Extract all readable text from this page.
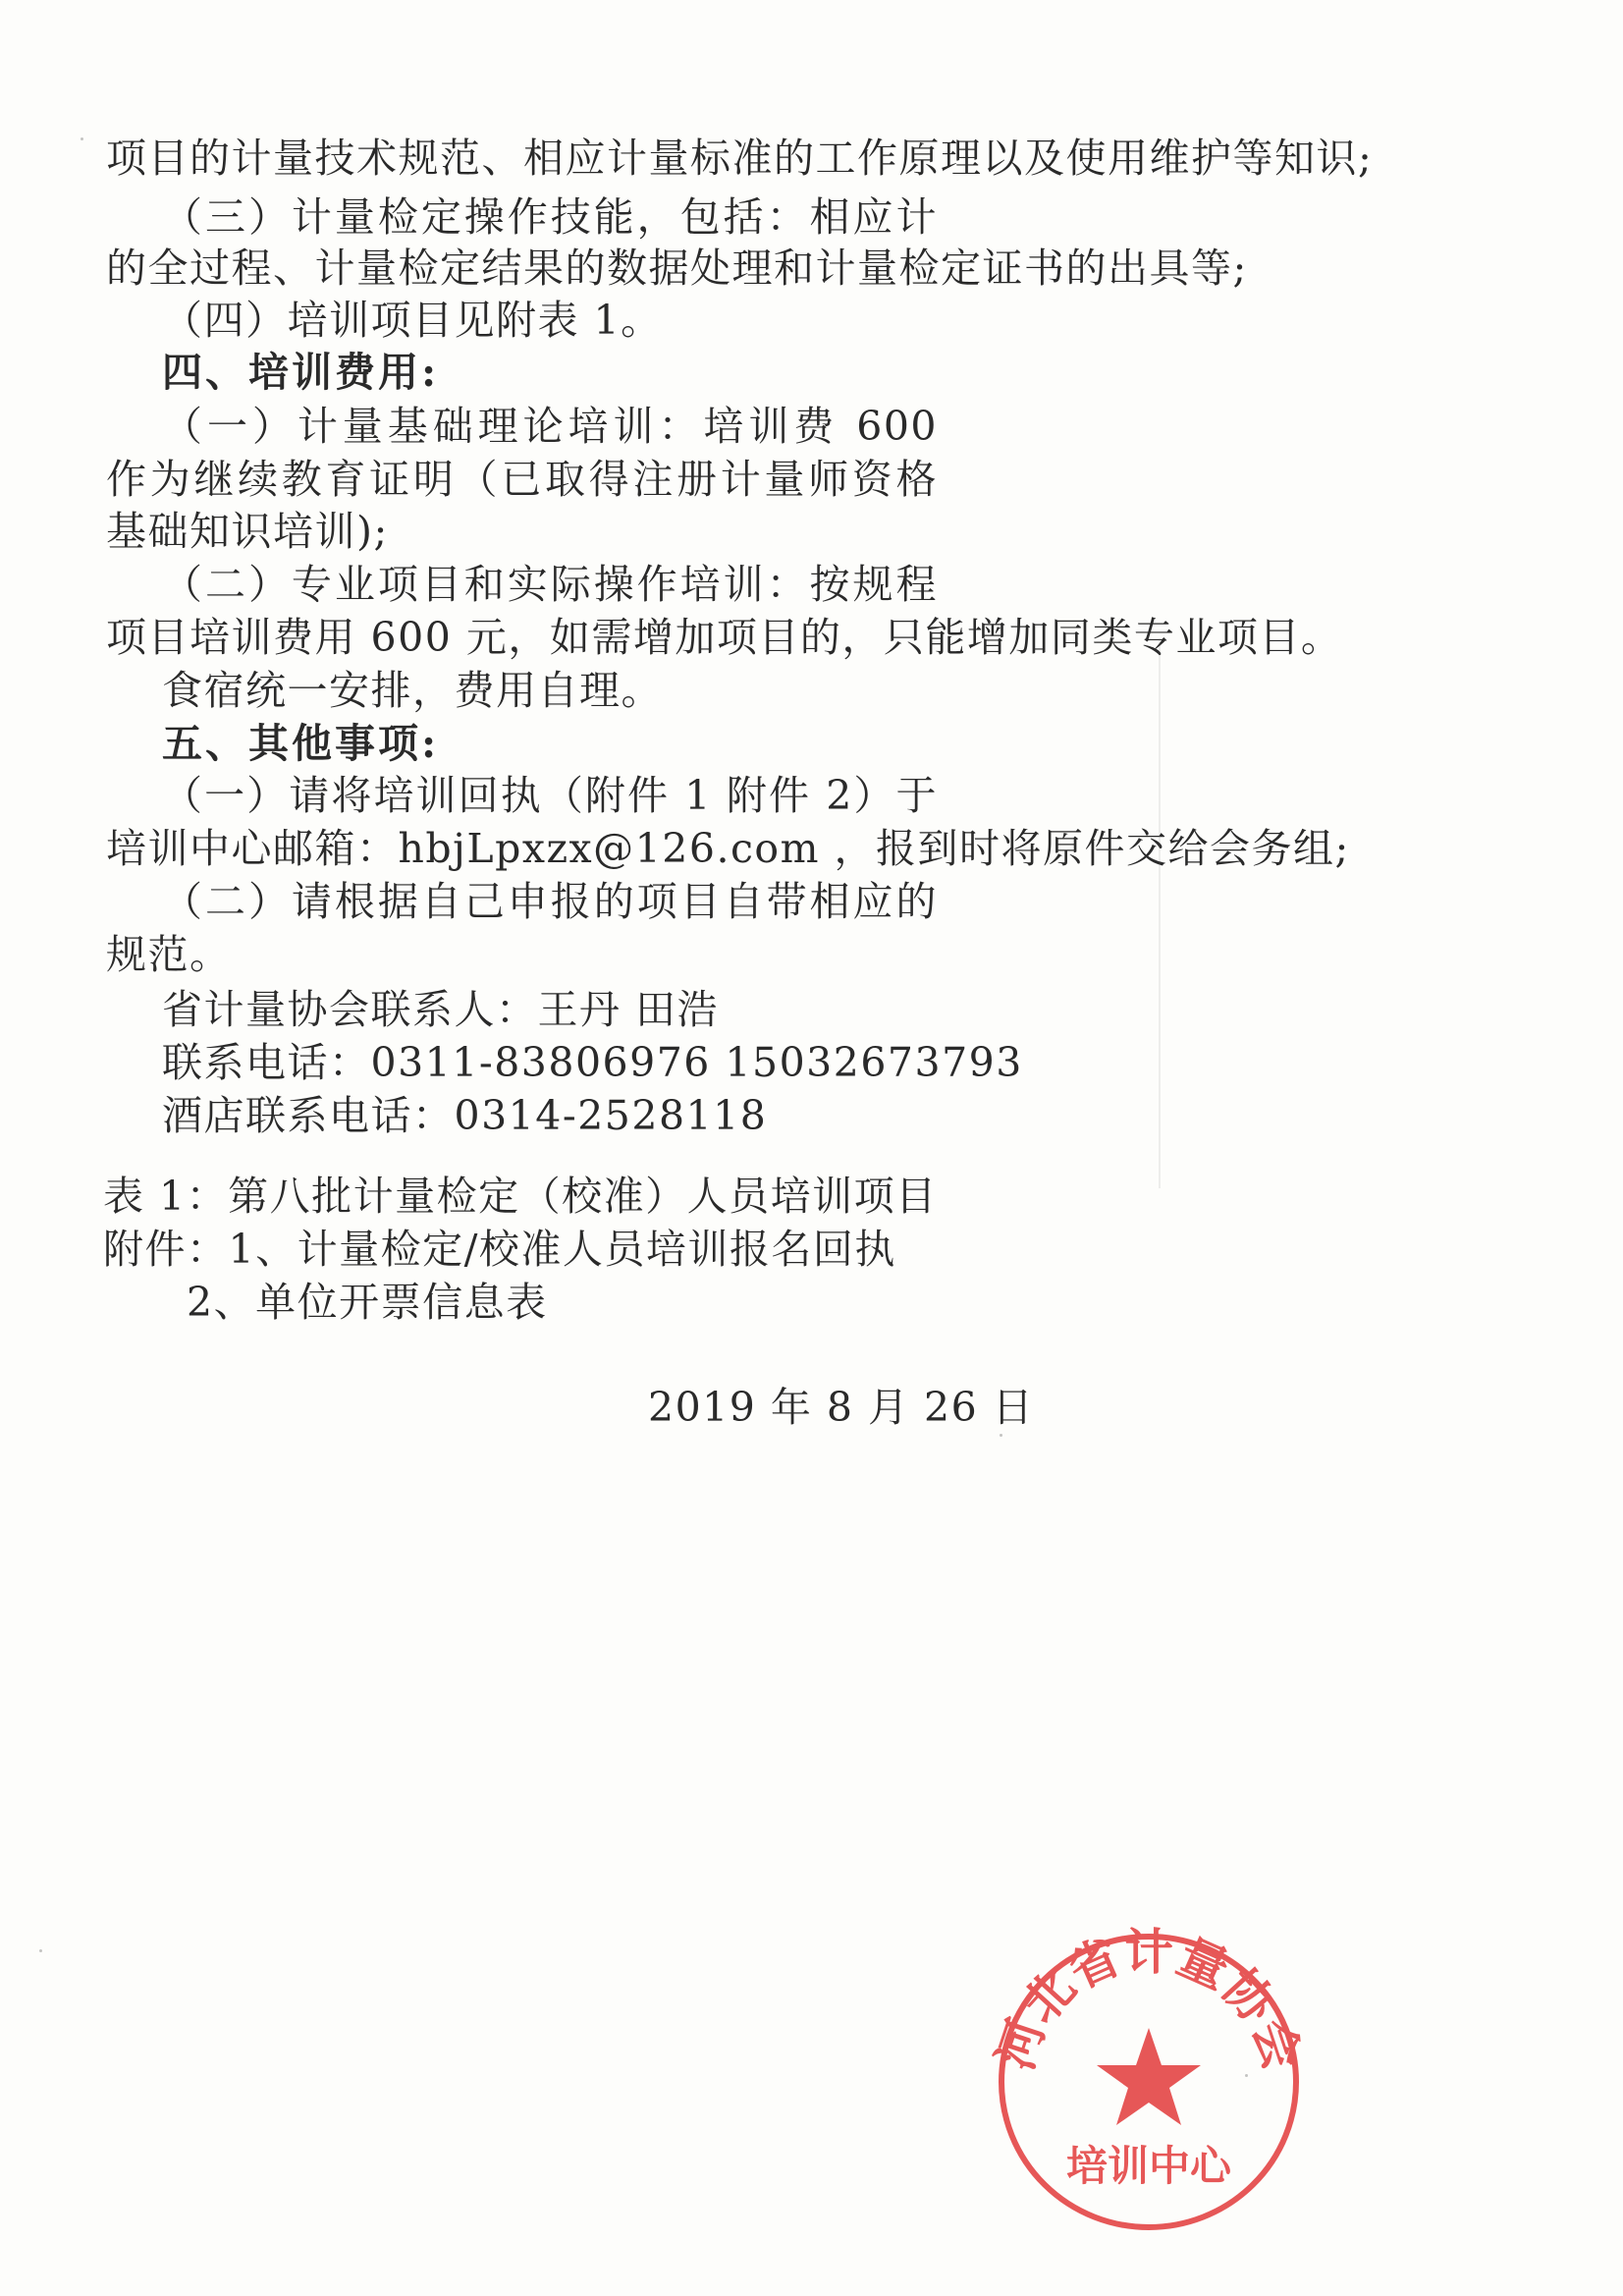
项目的计量技术规范、相应计量标准的工作原理以及使用维护等知识;
（三）计量检定操作技能，包括：相应计
的全过程、计量检定结果的数据处理和计量检定证书的出具等;
（四）培训项目见附表 1。
四、培训费用:
（一）计量基础理论培训：培训费 600
作为继续教育证明（已取得注册计量师资格
基础知识培训);
（二）专业项目和实际操作培训：按规程
项目培训费用 600 元，如需增加项目的，只能增加同类专业项目。
食宿统一安排，费用自理。
五、其他事项:
（一）请将培训回执（附件 1 附件 2）于
培训中心邮箱：hbjLpxzx@126.com ，报到时将原件交给会务组;
（二）请根据自己申报的项目自带相应的
规范。
省计量协会联系人：王丹 田浩
联系电话：0311-83806976 15032673793
酒店联系电话：0314-2528118
表 1：第八批计量检定（校准）人员培训项目
附件：1、计量检定/校准人员培训报名回执
2、单位开票信息表
2019 年 8 月 26 日
河北省计量协会
培训中心
